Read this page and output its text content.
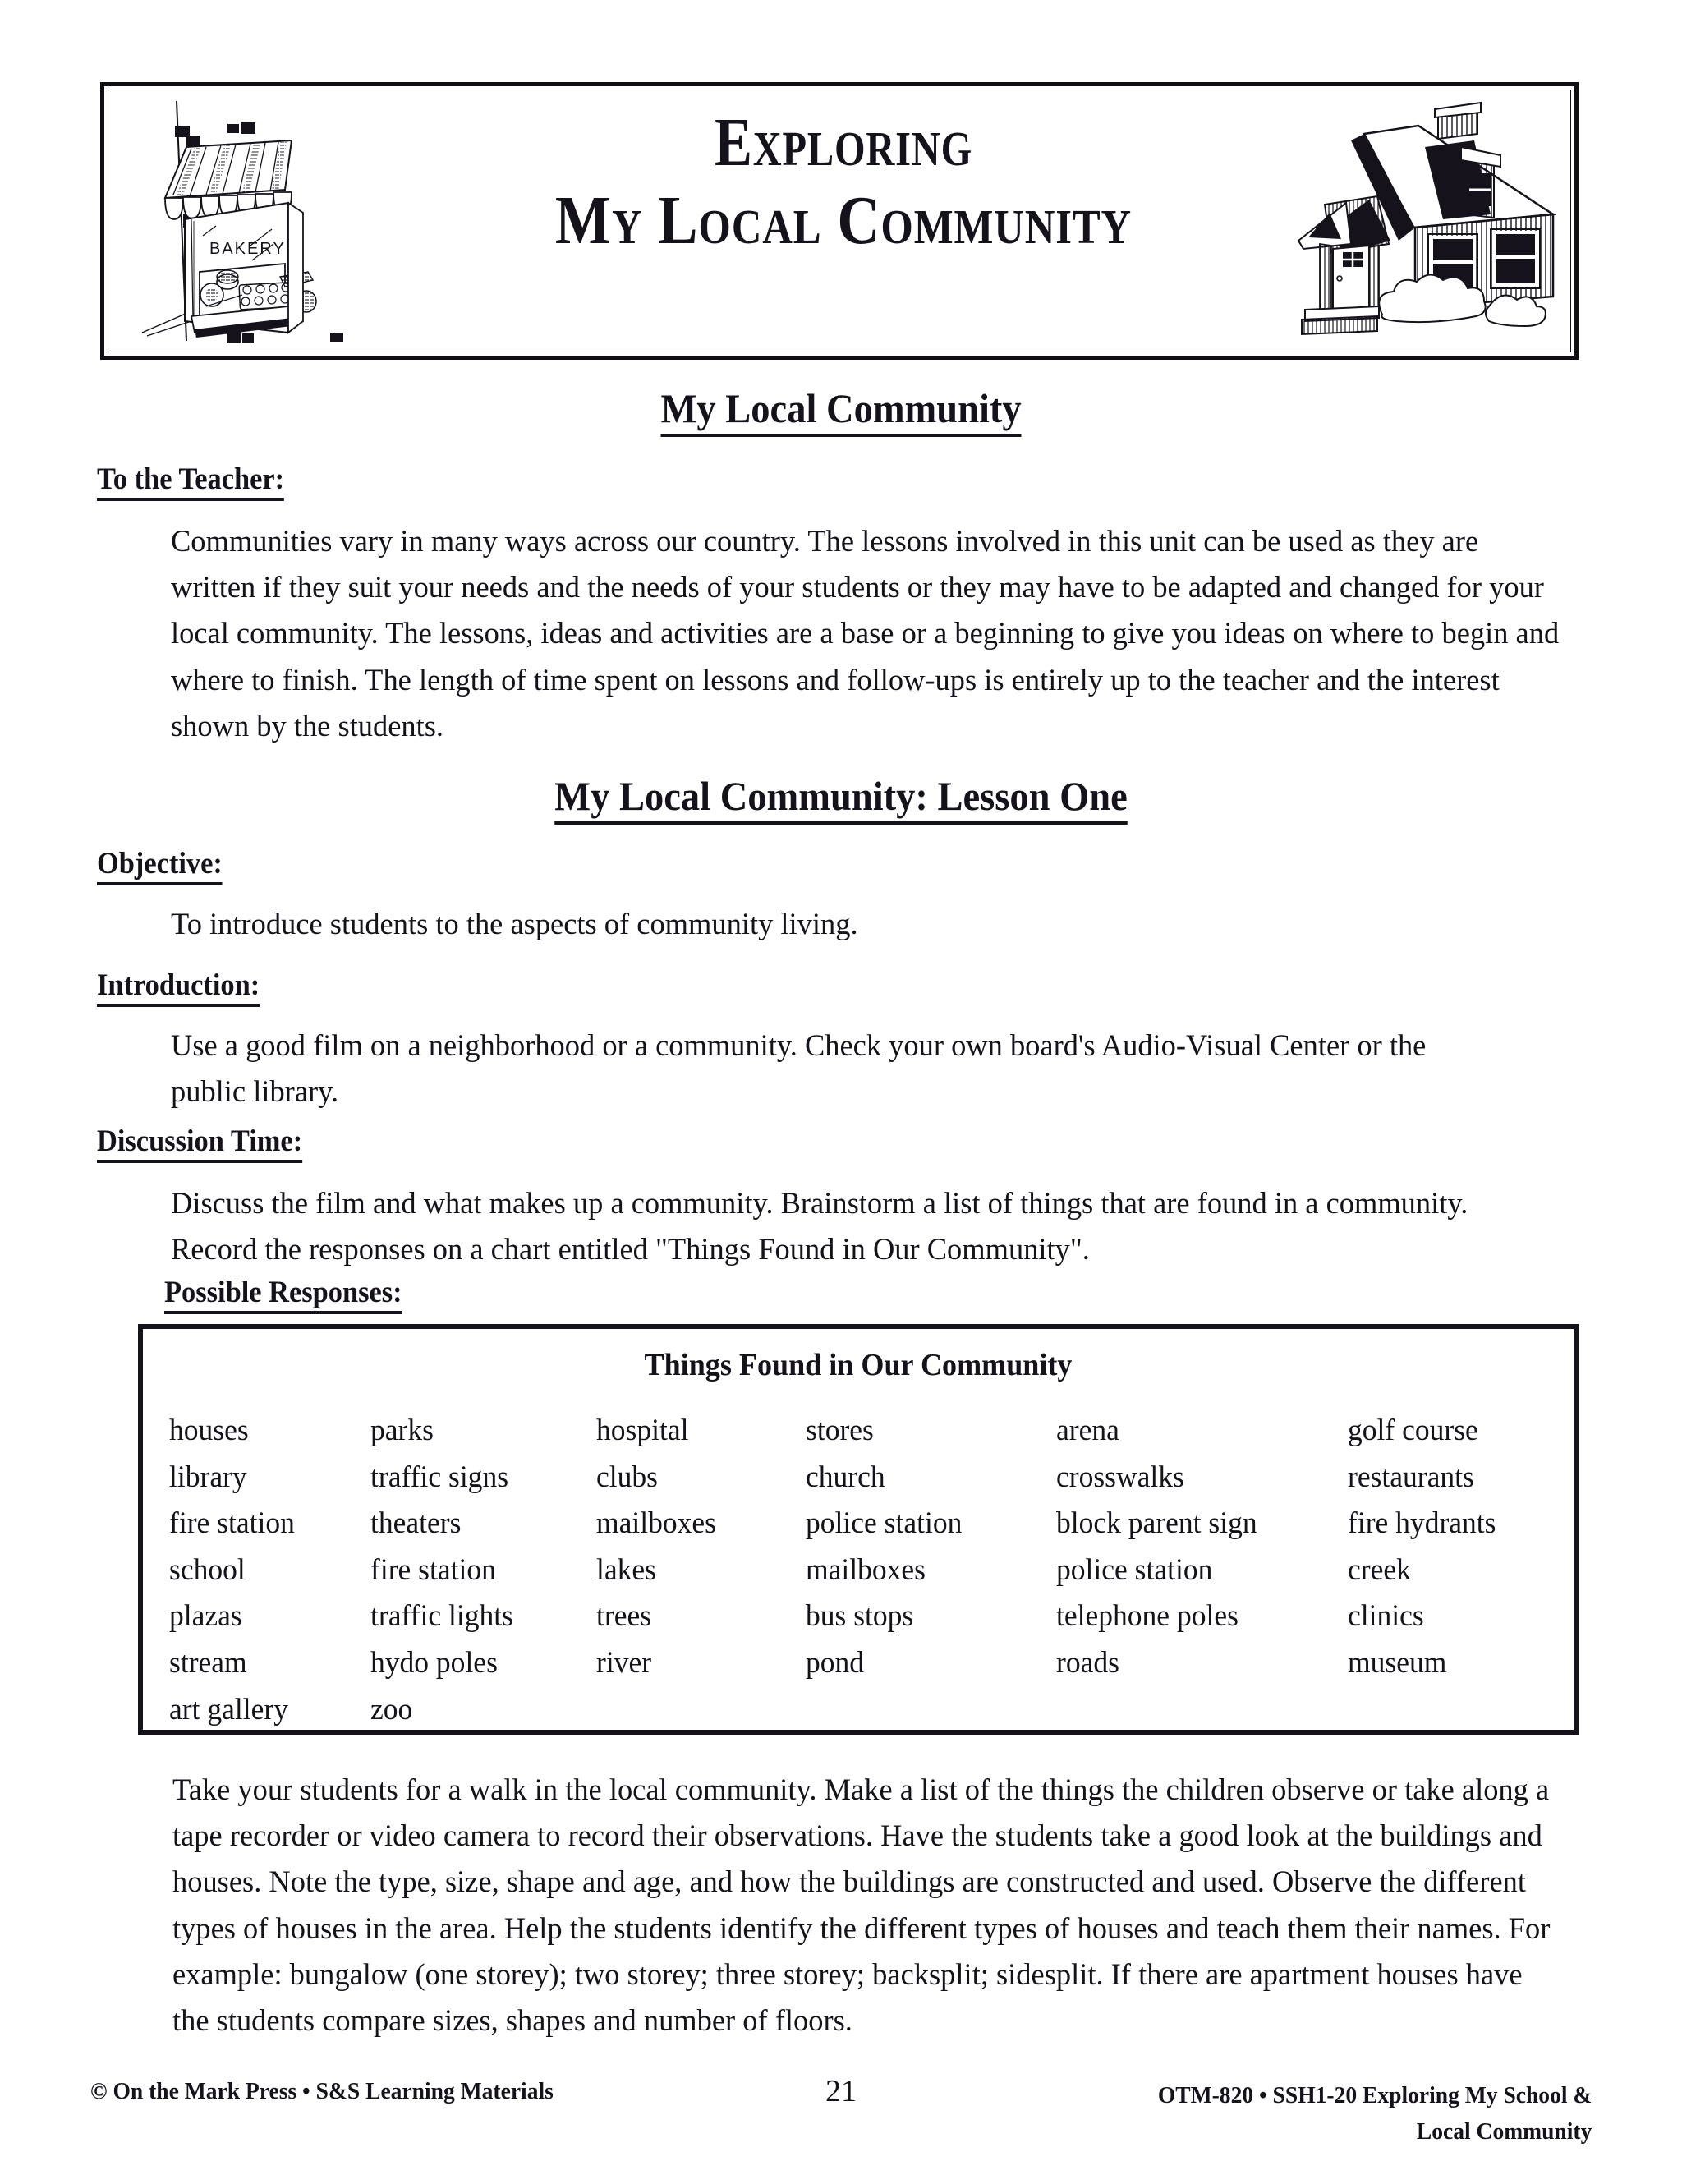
BAKERY
Exploring
My Local Community
My Local Community
To the Teacher:
Communities vary in many ways across our country. The lessons involved in this unit can be used as they are written if they suit your needs and the needs of your students or they may have to be adapted and changed for your local community. The lessons, ideas and activities are a base or a beginning to give you ideas on where to begin and where to finish. The length of time spent on lessons and follow-ups is entirely up to the teacher and the interest shown by the students.
My Local Community: Lesson One
Objective:
To introduce students to the aspects of community living.
Introduction:
Use a good film on a neighborhood or a community. Check your own board's Audio-Visual Center or the public library.
Discussion Time:
Discuss the film and what makes up a community. Brainstorm a list of things that are found in a community. Record the responses on a chart entitled "Things Found in Our Community".
Possible Responses:
Things Found in Our Community
houses	parks	hospital	stores	arena	golf course
library	traffic signs	clubs	church	crosswalks	restaurants
fire station	theaters	mailboxes	police station	block parent sign	fire hydrants
school	fire station	lakes	mailboxes	police station	creek
plazas	traffic lights	trees	bus stops	telephone poles	clinics
stream	hydo poles	river	pond	roads	museum
art gallery	zoo
Take your students for a walk in the local community. Make a list of the things the children observe or take along a tape recorder or video camera to record their observations. Have the students take a good look at the buildings and houses. Note the type, size, shape and age, and how the buildings are constructed and used. Observe the different types of houses in the area. Help the students identify the different types of houses and teach them their names. For example: bungalow (one storey); two storey; three storey; backsplit; sidesplit. If there are apartment houses have the students compare sizes, shapes and number of floors.
© On the Mark Press • S&S Learning Materials	21	OTM-820 • SSH1-20 Exploring My School &
Local Community
